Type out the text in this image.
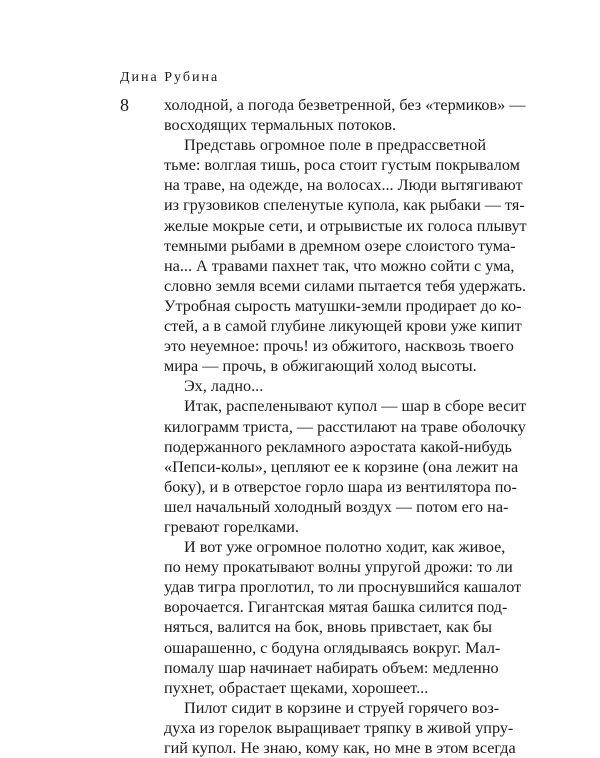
Дина Рубина
8 холодной, а погода безветренной, без «термиков» —
восходящих термальных потоков.
Представь огромное поле в предрассветной
тьме: волглая тишь, роса стоит густым покрывалом
на траве, на одежде, на волосах... Люди вытягивают
из грузовиков спеленутые купола, как рыбаки — тя-
желые мокрые сети, и отрывистые их голоса плывут
темными рыбами в дремном озере слоистого тума-
на... А травами пахнет так, что можно сойти с ума,
словно земля всеми силами пытается тебя удержать.
Утробная сырость матушки-земли продирает до ко-
стей, а в самой глубине ликующей крови уже кипит
это неуемное: прочь! из обжитого, насквозь твоего
мира — прочь, в обжигающий холод высоты.
Эх, ладно...
Итак, распеленывают купол — шар в сборе весит
килограмм триста, — расстилают на траве оболочку
подержанного рекламного аэростата какой-нибудь
«Пепси-колы», цепляют ее к корзине (она лежит на
боку), и в отверстое горло шара из вентилятора по-
шел начальный холодный воздух — потом его на-
гревают горелками.
И вот уже огромное полотно ходит, как живое,
по нему прокатывают волны упругой дрожи: то ли
удав тигра проглотил, то ли проснувшийся кашалот
ворочается. Гигантская мятая башка силится под-
няться, валится на бок, вновь привстает, как бы
ошарашенно, с бодуна оглядываясь вокруг. Мал-
помалу шар начинает набирать объем: медленно
пухнет, обрастает щеками, хорошеет...
Пилот сидит в корзине и струей горячего воз-
духа из горелок выращивает тряпку в живой упру-
гий купол. Не знаю, кому как, но мне в этом всегда
